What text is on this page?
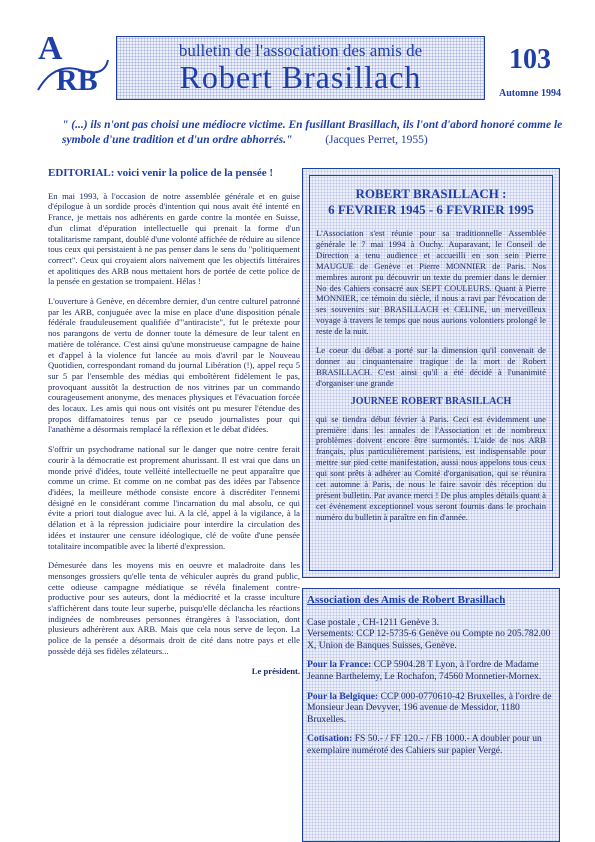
A
RB
bulletin de l'association des amis de
Robert Brasillach	103
Automne 1994
" (...) ils n'ont pas choisi une médiocre victime. En fusillant Brasillach, ils l'ont d'abord honoré comme le symbole d'une tradition et d'un ordre abhorrés."	(Jacques Perret, 1955)
EDITORIAL: voici venir la police de la pensée !

En mai 1993, à l'occasion de notre assemblée générale et en guise d'épilogue à un sordide procès d'intention qui nous avait été intenté en France, je mettais nos adhérents en garde contre la montée en Suisse, d'un climat d'épuration intellectuelle qui prenait la forme d'un totalitarisme rampant, doublé d'une volonté affichée de réduire au silence tous ceux qui persistaient à ne pas penser dans le sens du "politiquement correct". Ceux qui croyaient alors naïvement que les objectifs littéraires et apolitiques des ARB nous mettaient hors de portée de cette police de la pensée en gestation se trompaient. Hélas !

L'ouverture à Genève, en décembre dernier, d'un centre culturel patronné par les ARB, conjuguée avec la mise en place d'une disposition pénale fédérale frauduleusement qualifiée d'"antiraciste", fut le prétexte pour nos parangons de vertu de donner toute la démesure de leur talent en matière de tolérance. C'est ainsi qu'une monstrueuse campagne de haine et d'appel à la violence fut lancée au mois d'avril par le Nouveau Quotidien, correspondant romand du journal Libération (!), appel reçu 5 sur 5 par l'ensemble des médias qui emboîtèrent fidèlement le pas, provoquant aussitôt la destruction de nos vitrines par un commando courageusement anonyme, des menaces physiques et l'évacuation forcée des locaux. Les amis qui nous ont visités ont pu mesurer l'étendue des propos diffamatoires tenus par ce pseudo journalistes pour qui l'anathème a désormais remplacé la réflexion et le débat d'idées.

S'offrir un psychodrame national sur le danger que notre centre ferait courir à la démocratie est proprement ahurissant. Il est vrai que dans un monde privé d'idées, toute velléité intellectuelle ne peut apparaître que comme un crime. Et comme on ne combat pas des idées par l'absence d'idées, la meilleure méthode consiste encore à discréditer l'ennemi désigné en le considérant comme l'incarnation du mal absolu, ce qui évite a priori tout dialogue avec lui. A la clé, appel à la vigilance, à la délation et à la répression judiciaire pour interdire la circulation des idées et instaurer une censure idéologique, clé de voûte d'une pensée totalitaire incompatible avec la liberté d'expression.

Démesurée dans les moyens mis en oeuvre et maladroite dans les mensonges grossiers qu'elle tenta de véhiculer auprès du grand public, cette odieuse campagne médiatique se révéla finalement contre-productive pour ses auteurs, dont la médiocrité et la crasse inculture s'affichèrent dans toute leur superbe, puisqu'elle déclancha les réactions indignées de nombreuses personnes étrangères à l'association, dont plusieurs adhérèrent aux ARB. Mais que cela nous serve de leçon. La police de la pensée a désormais droit de cité dans notre pays et elle possède déjà ses fidèles zélateurs...

Le président.
ROBERT BRASILLACH :
6 FEVRIER 1945 - 6 FEVRIER 1995

L'Association s'est réunie pour sa traditionnelle Assemblée générale le 7 mai 1994 à Ouchy. Auparavant, le Conseil de Direction a tenu audience et accueilli en son sein Pierre MAUGUE de Genève et Pierre MONNIER de Paris. Nos membres auront pu découvrir un texte du premier dans le dernier No des Cahiers consacré aux SEPT COULEURS. Quant à Pierre MONNIER, ce témoin du siècle, il nous a ravi par l'évocation de ses souvenirs sur BRASILLACH et CELINE, un merveilleux voyage à travers le temps que nous aurions volontiers prolongé le reste de la nuit.

Le coeur du débat a porté sur la dimension qu'il convenait de donner au cinquantenaire tragique de la mort de Robert BRASILLACH. C'est ainsi qu'il a été décidé à l'unanimité d'organiser une grande

JOURNEE ROBERT BRASILLACH

qui se tiendra début février à Paris. Ceci est évidemment une première dans les annales de l'Association et de nombreux problèmes doivent encore être surmontés. L'aide de nos ARB français, plus particulièrement parisiens, est indispensable pour mettre sur pied cette manifestation, aussi nous appelons tous ceux qui sont prêts à adhérer au Comité d'organisation, qui se réunira cet automne à Paris, de nous le faire savoir dès réception du présent bulletin. Par avance merci ! De plus amples détails quant à cet événement exceptionnel vous seront fournis dans le prochain numéro du bulletin à paraître en fin d'année.

Association des Amis de Robert Brasillach

Case postale , CH-1211 Genève 3.
Versements: CCP 12-5735-6 Genève ou Compte no 205.782.00 X, Union de Banques Suisses, Genève.

Pour la France: CCP 5904.28 T Lyon, à l'ordre de Madame Jeanne Barthelemy, Le Rochafon, 74560 Monnetier-Mornex.

Pour la Belgique: CCP 000-0770610-42 Bruxelles, à l'ordre de Monsieur Jean Devyver, 196 avenue de Messidor, 1180 Bruxelles.

Cotisation: FS 50.- / FF 120.- / FB 1000.- A doubler pour un exemplaire numéroté des Cahiers sur papier Vergé.
